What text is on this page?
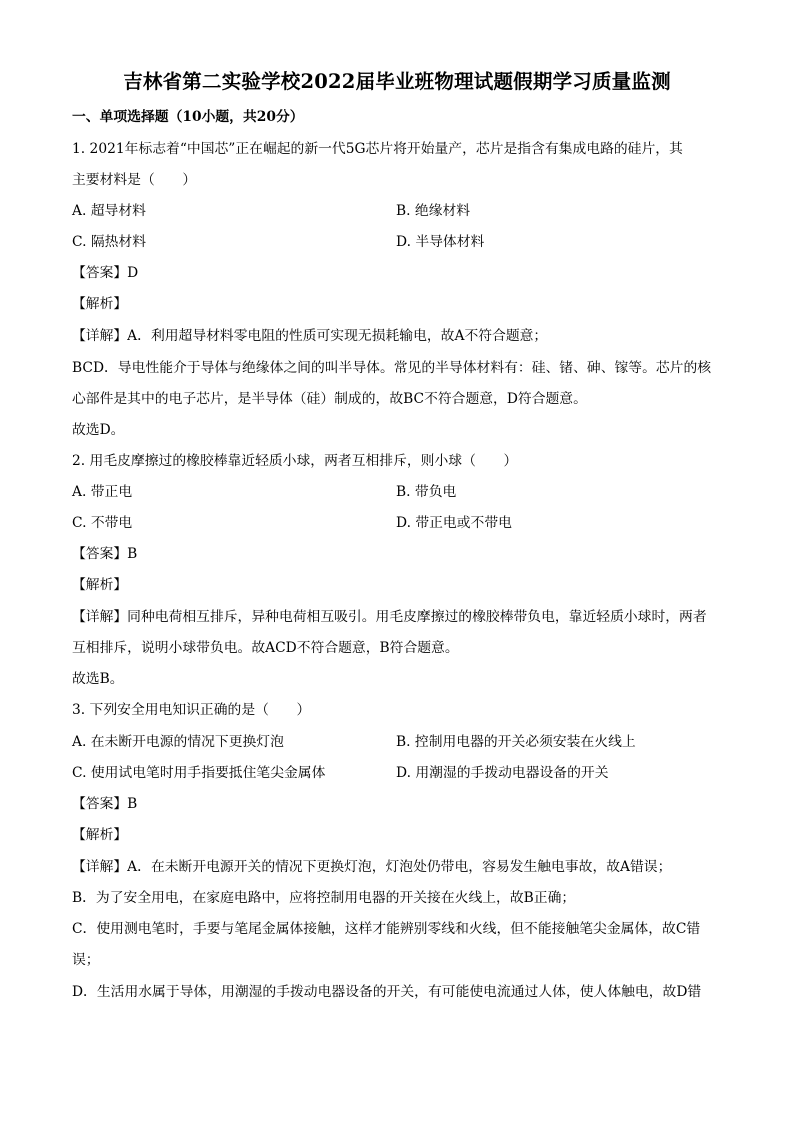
吉林省第二实验学校2022届毕业班物理试题假期学习质量监测
一、单项选择题（10小题，共20分）
1. 2021年标志着“中国芯”正在崛起的新一代5G芯片将开始量产，芯片是指含有集成电路的硅片，其
主要材料是（　　）
A. 超导材料	B. 绝缘材料
C. 隔热材料	D. 半导体材料
【答案】D
【解析】
【详解】A．利用超导材料零电阻的性质可实现无损耗输电，故A不符合题意；
BCD．导电性能介于导体与绝缘体之间的叫半导体。常见的半导体材料有：硅、锗、砷、镓等。芯片的核
心部件是其中的电子芯片，是半导体（硅）制成的，故BC不符合题意，D符合题意。
故选D。
2. 用毛皮摩擦过的橡胶棒靠近轻质小球，两者互相排斥，则小球（　　）
A. 带正电	B. 带负电
C. 不带电	D. 带正电或不带电
【答案】B
【解析】
【详解】同种电荷相互排斥，异种电荷相互吸引。用毛皮摩擦过的橡胶棒带负电，靠近轻质小球时，两者
互相排斥，说明小球带负电。故ACD不符合题意，B符合题意。
故选B。
3. 下列安全用电知识正确的是（　　）
A. 在未断开电源的情况下更换灯泡	B. 控制用电器的开关必须安装在火线上
C. 使用试电笔时用手指要抵住笔尖金属体	D. 用潮湿的手拨动电器设备的开关
【答案】B
【解析】
【详解】A．在未断开电源开关的情况下更换灯泡，灯泡处仍带电，容易发生触电事故，故A错误；
B．为了安全用电，在家庭电路中，应将控制用电器的开关接在火线上，故B正确；
C．使用测电笔时，手要与笔尾金属体接触，这样才能辨别零线和火线，但不能接触笔尖金属体，故C错
误；
D．生活用水属于导体，用潮湿的手拨动电器设备的开关，有可能使电流通过人体，使人体触电，故D错
